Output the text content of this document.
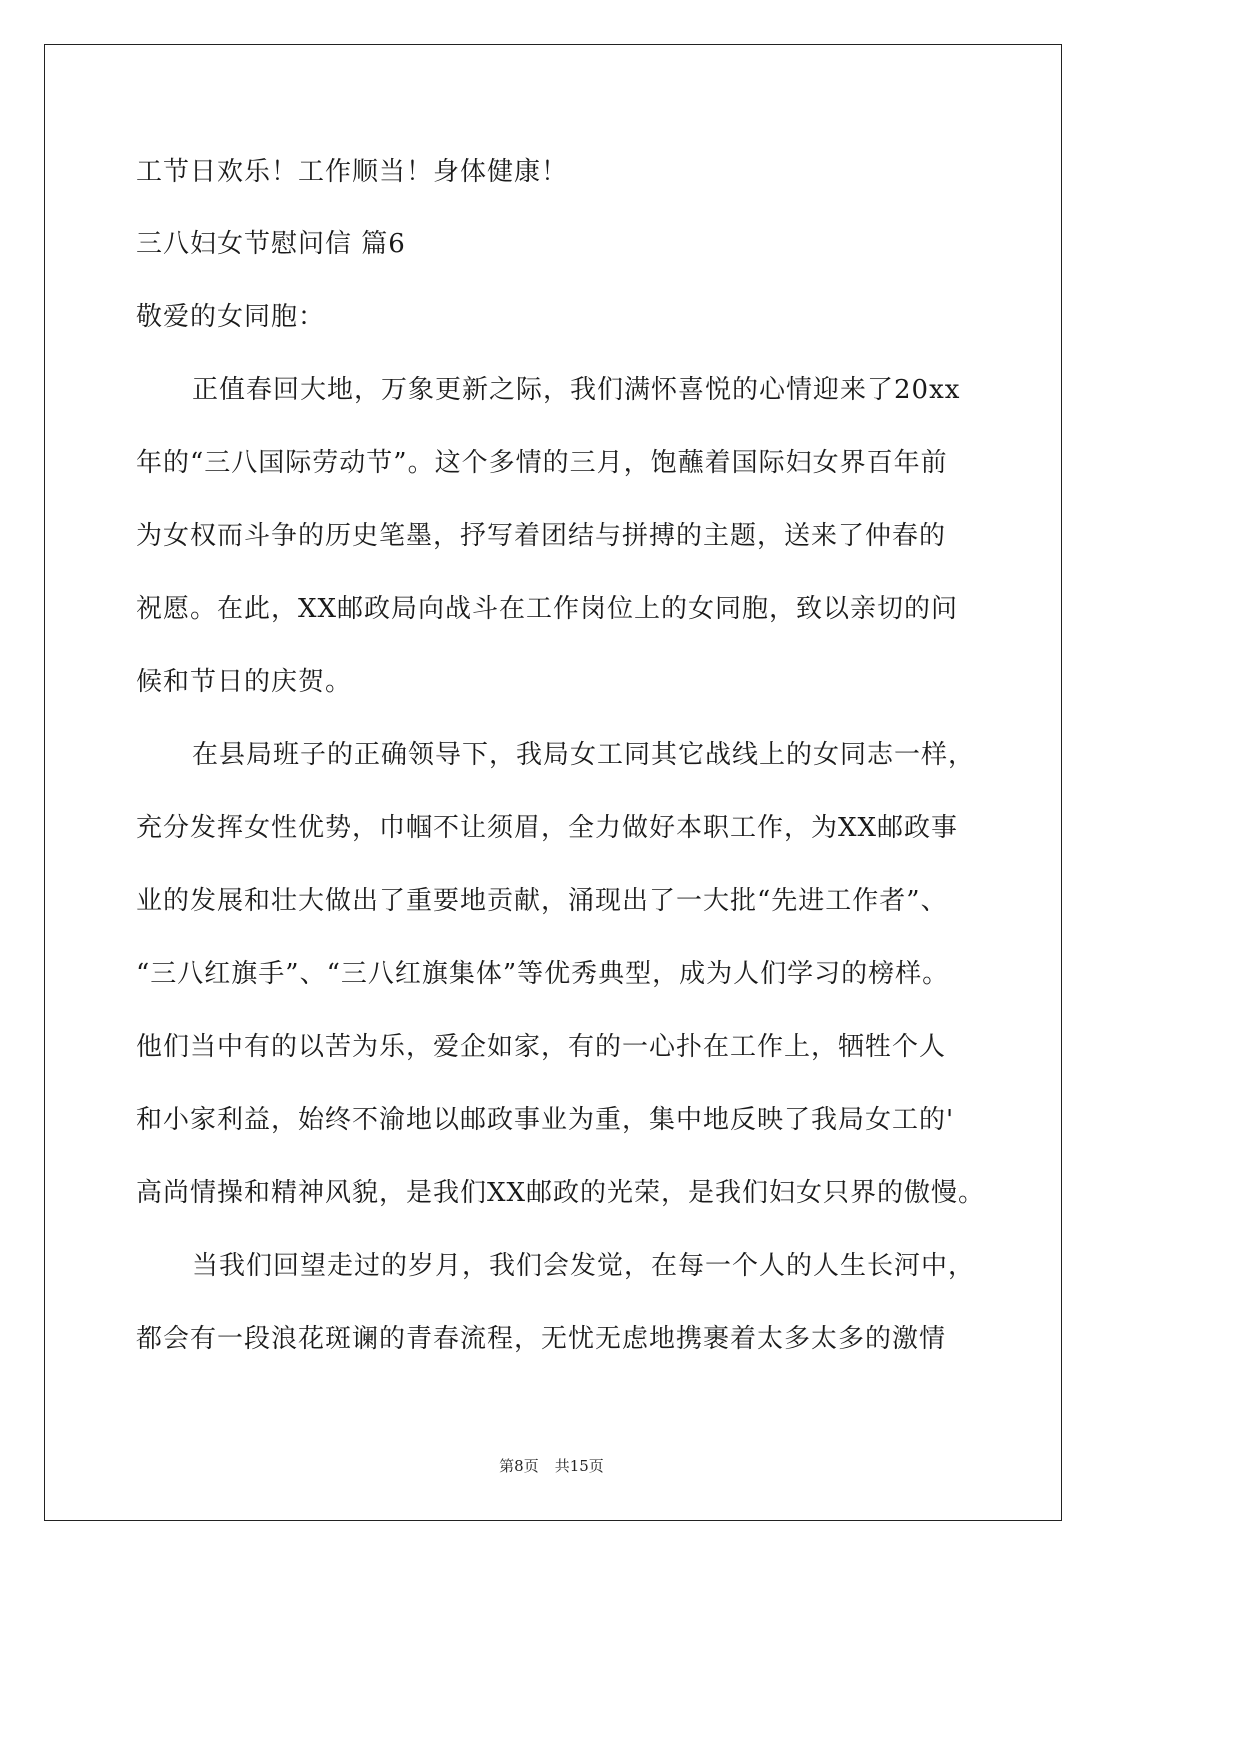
工节日欢乐！工作顺当！身体健康！
三八妇女节慰问信 篇6
敬爱的女同胞：
正值春回大地，万象更新之际，我们满怀喜悦的心情迎来了20xx
年的“三八国际劳动节”。这个多情的三月，饱蘸着国际妇女界百年前
为女权而斗争的历史笔墨，抒写着团结与拼搏的主题，送来了仲春的
祝愿。在此，XX邮政局向战斗在工作岗位上的女同胞，致以亲切的问
候和节日的庆贺。
在县局班子的正确领导下，我局女工同其它战线上的女同志一样，
充分发挥女性优势，巾帼不让须眉，全力做好本职工作，为XX邮政事
业的发展和壮大做出了重要地贡献，涌现出了一大批“先进工作者”、
“三八红旗手”、“三八红旗集体”等优秀典型，成为人们学习的榜样。
他们当中有的以苦为乐，爱企如家，有的一心扑在工作上，牺牲个人
和小家利益，始终不渝地以邮政事业为重，集中地反映了我局女工的'
高尚情操和精神风貌，是我们XX邮政的光荣，是我们妇女只界的傲慢。
当我们回望走过的岁月，我们会发觉，在每一个人的人生长河中，
都会有一段浪花斑谰的青春流程，无忧无虑地携裹着太多太多的激情
第8页 共15页
